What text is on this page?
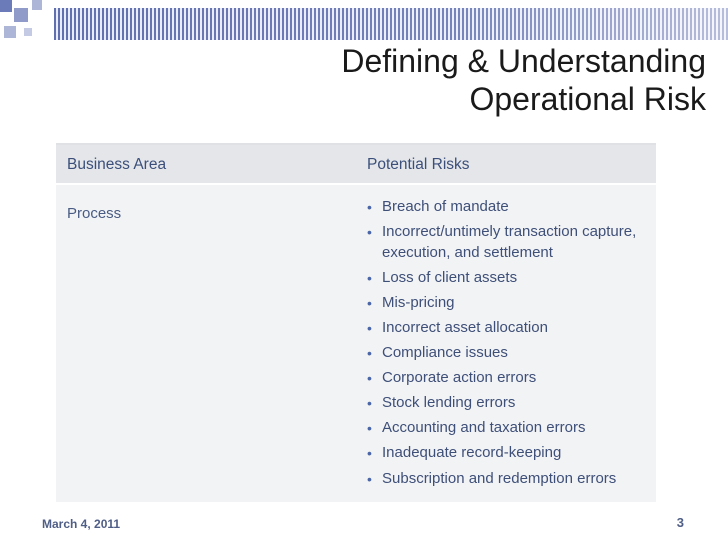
Defining & Understanding
Operational Risk
Business Area	Potential Risks
Process	• Breach of mandate
• Incorrect/untimely transaction capture, execution, and settlement
• Loss of client assets
• Mis-pricing
• Incorrect asset allocation
• Compliance issues
• Corporate action errors
• Stock lending errors
• Accounting and taxation errors
• Inadequate record-keeping
• Subscription and redemption errors
March 4, 2011	3
